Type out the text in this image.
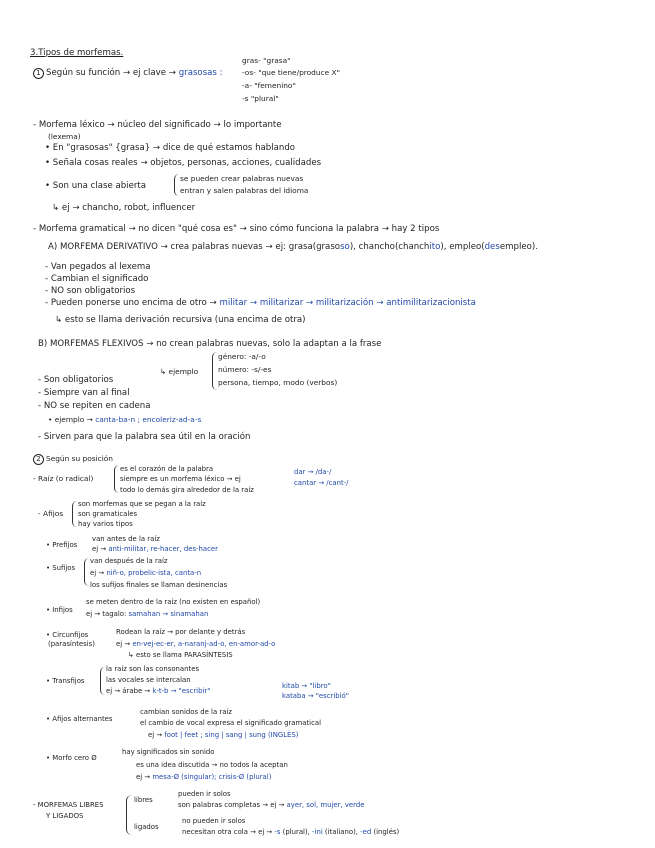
3.Tipos de morfemas.
1 Según su función → ej clave → grasosas :
gras- "grasa"
-os- "que tiene/produce X"
-a- "femenino"
-s "plural"
- Morfema léxico → núcleo del significado → lo importante
(lexema)
• En "grasosas" {grasa} → dice de qué estamos hablando
• Señala cosas reales → objetos, personas, acciones, cualidades
• Son una clase abierta
se pueden crear palabras nuevas
entran y salen palabras del idioma
↳ ej → chancho, robot, influencer
- Morfema gramatical → no dicen "qué cosa es" → sino cómo funciona la palabra → hay 2 tipos
A) MORFEMA DERIVATIVO → crea palabras nuevas → ej: grasa(grasoso), chancho(chanchito), empleo(desempleo).
- Van pegados al lexema
- Cambian el significado
- NO son obligatorios
- Pueden ponerse uno encima de otro → militar → militarizar → militarización → antimilitarizacionista
↳ esto se llama derivación recursiva (una encima de otra)
B) MORFEMAS FLEXIVOS → no crean palabras nuevas, solo la adaptan a la frase
↳ ejemplo
género: -a/-o
número: -s/-es
persona, tiempo, modo (verbos)
- Son obligatorios
- Siempre van al final
- NO se repiten en cadena
• ejemplo → canta-ba-n ; encoleriz-ad-a-s
- Sirven para que la palabra sea útil en la oración
2 Según su posición
- Raíz (o radical)
es el corazón de la palabra
siempre es un morfema léxico → ej
todo lo demás gira alrededor de la raíz
dar → /da-/
cantar → /cant-/
- Afijos
son morfemas que se pegan a la raíz
son gramaticales
hay varios tipos
• Prefijos
van antes de la raíz
ej → anti-militar, re-hacer, des-hacer
• Sufijos
van después de la raíz
ej → niñ-o, probelic-ista, canta-n
los sufijos finales se llaman desinencias
• Infijos
se meten dentro de la raíz (no existen en español)
ej → tagalo: samahan → sinamahan
• Circunfijos
(parasíntesis)
Rodean la raíz → por delante y detrás
ej → en-vej-ec-er, a-naranj-ad-o, en-amor-ad-o
↳ esto se llama PARASÍNTESIS
• Transfijos
la raíz son las consonantes
las vocales se intercalan
ej → árabe → k-t-b → "escribir"
kitab → "libro"
kataba → "escribió"
• Afijos alternantes
cambian sonidos de la raíz
el cambio de vocal expresa el significado gramatical
ej → foot | feet ; sing | sang | sung (INGLÉS)
• Morfo cero Ø
hay significados sin sonido
es una idea discutida → no todos la aceptan
ej → mesa-Ø (singular); crisis-Ø (plural)
- MORFEMAS LIBRES
Y LIGADOS
libres
pueden ir solos
son palabras completas → ej → ayer, sol, mujer, verde
ligados
no pueden ir solos
necesitan otra cola → ej → -s (plural), -ini (italiano), -ed (inglés)
